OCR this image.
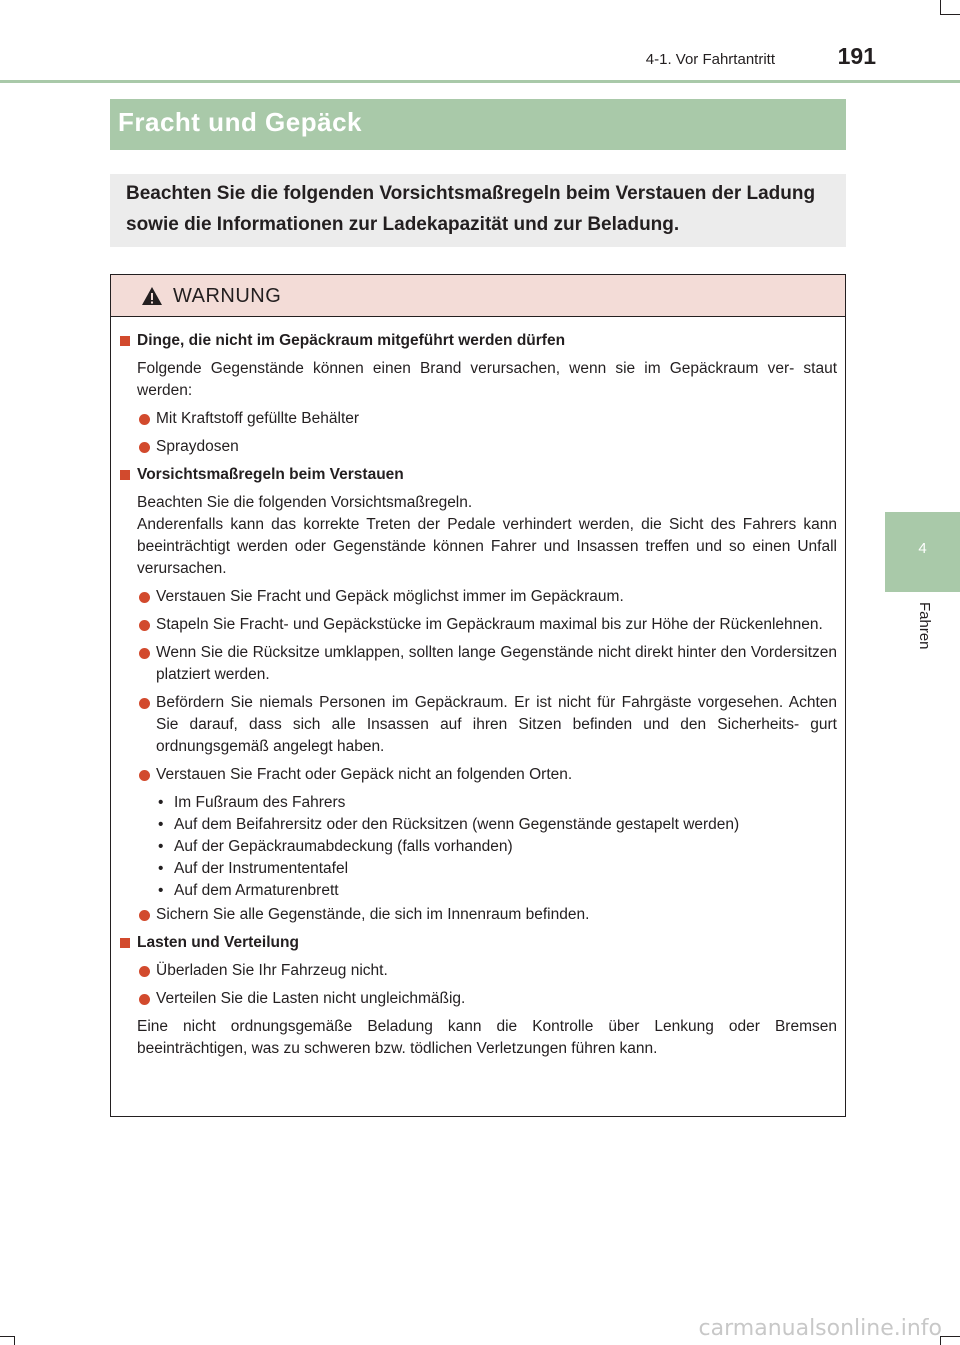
4-1. Vor Fahrtantritt	191
4
Fahren
Fracht und Gepäck
Beachten Sie die folgenden Vorsichtsmaßregeln beim Verstauen der Ladung sowie die Informationen zur Ladekapazität und zur Beladung.
WARNUNG
Dinge, die nicht im Gepäckraum mitgeführt werden dürfen
Folgende Gegenstände können einen Brand verursachen, wenn sie im Gepäckraum ver- staut werden:
Mit Kraftstoff gefüllte Behälter
Spraydosen
Vorsichtsmaßregeln beim Verstauen
Beachten Sie die folgenden Vorsichtsmaßregeln.
Anderenfalls kann das korrekte Treten der Pedale verhindert werden, die Sicht des Fahrers kann beeinträchtigt werden oder Gegenstände können Fahrer und Insassen treffen und so einen Unfall verursachen.
Verstauen Sie Fracht und Gepäck möglichst immer im Gepäckraum.
Stapeln Sie Fracht- und Gepäckstücke im Gepäckraum maximal bis zur Höhe der Rückenlehnen.
Wenn Sie die Rücksitze umklappen, sollten lange Gegenstände nicht direkt hinter den Vordersitzen platziert werden.
Befördern Sie niemals Personen im Gepäckraum. Er ist nicht für Fahrgäste vorgesehen. Achten Sie darauf, dass sich alle Insassen auf ihren Sitzen befinden und den Sicherheits- gurt ordnungsgemäß angelegt haben.
Verstauen Sie Fracht oder Gepäck nicht an folgenden Orten.
• Im Fußraum des Fahrers
• Auf dem Beifahrersitz oder den Rücksitzen (wenn Gegenstände gestapelt werden)
• Auf der Gepäckraumabdeckung (falls vorhanden)
• Auf der Instrumententafel
• Auf dem Armaturenbrett
Sichern Sie alle Gegenstände, die sich im Innenraum befinden.
Lasten und Verteilung
Überladen Sie Ihr Fahrzeug nicht.
Verteilen Sie die Lasten nicht ungleichmäßig.
Eine nicht ordnungsgemäße Beladung kann die Kontrolle über Lenkung oder Bremsen beeinträchtigen, was zu schweren bzw. tödlichen Verletzungen führen kann.
carmanualsonline.info
